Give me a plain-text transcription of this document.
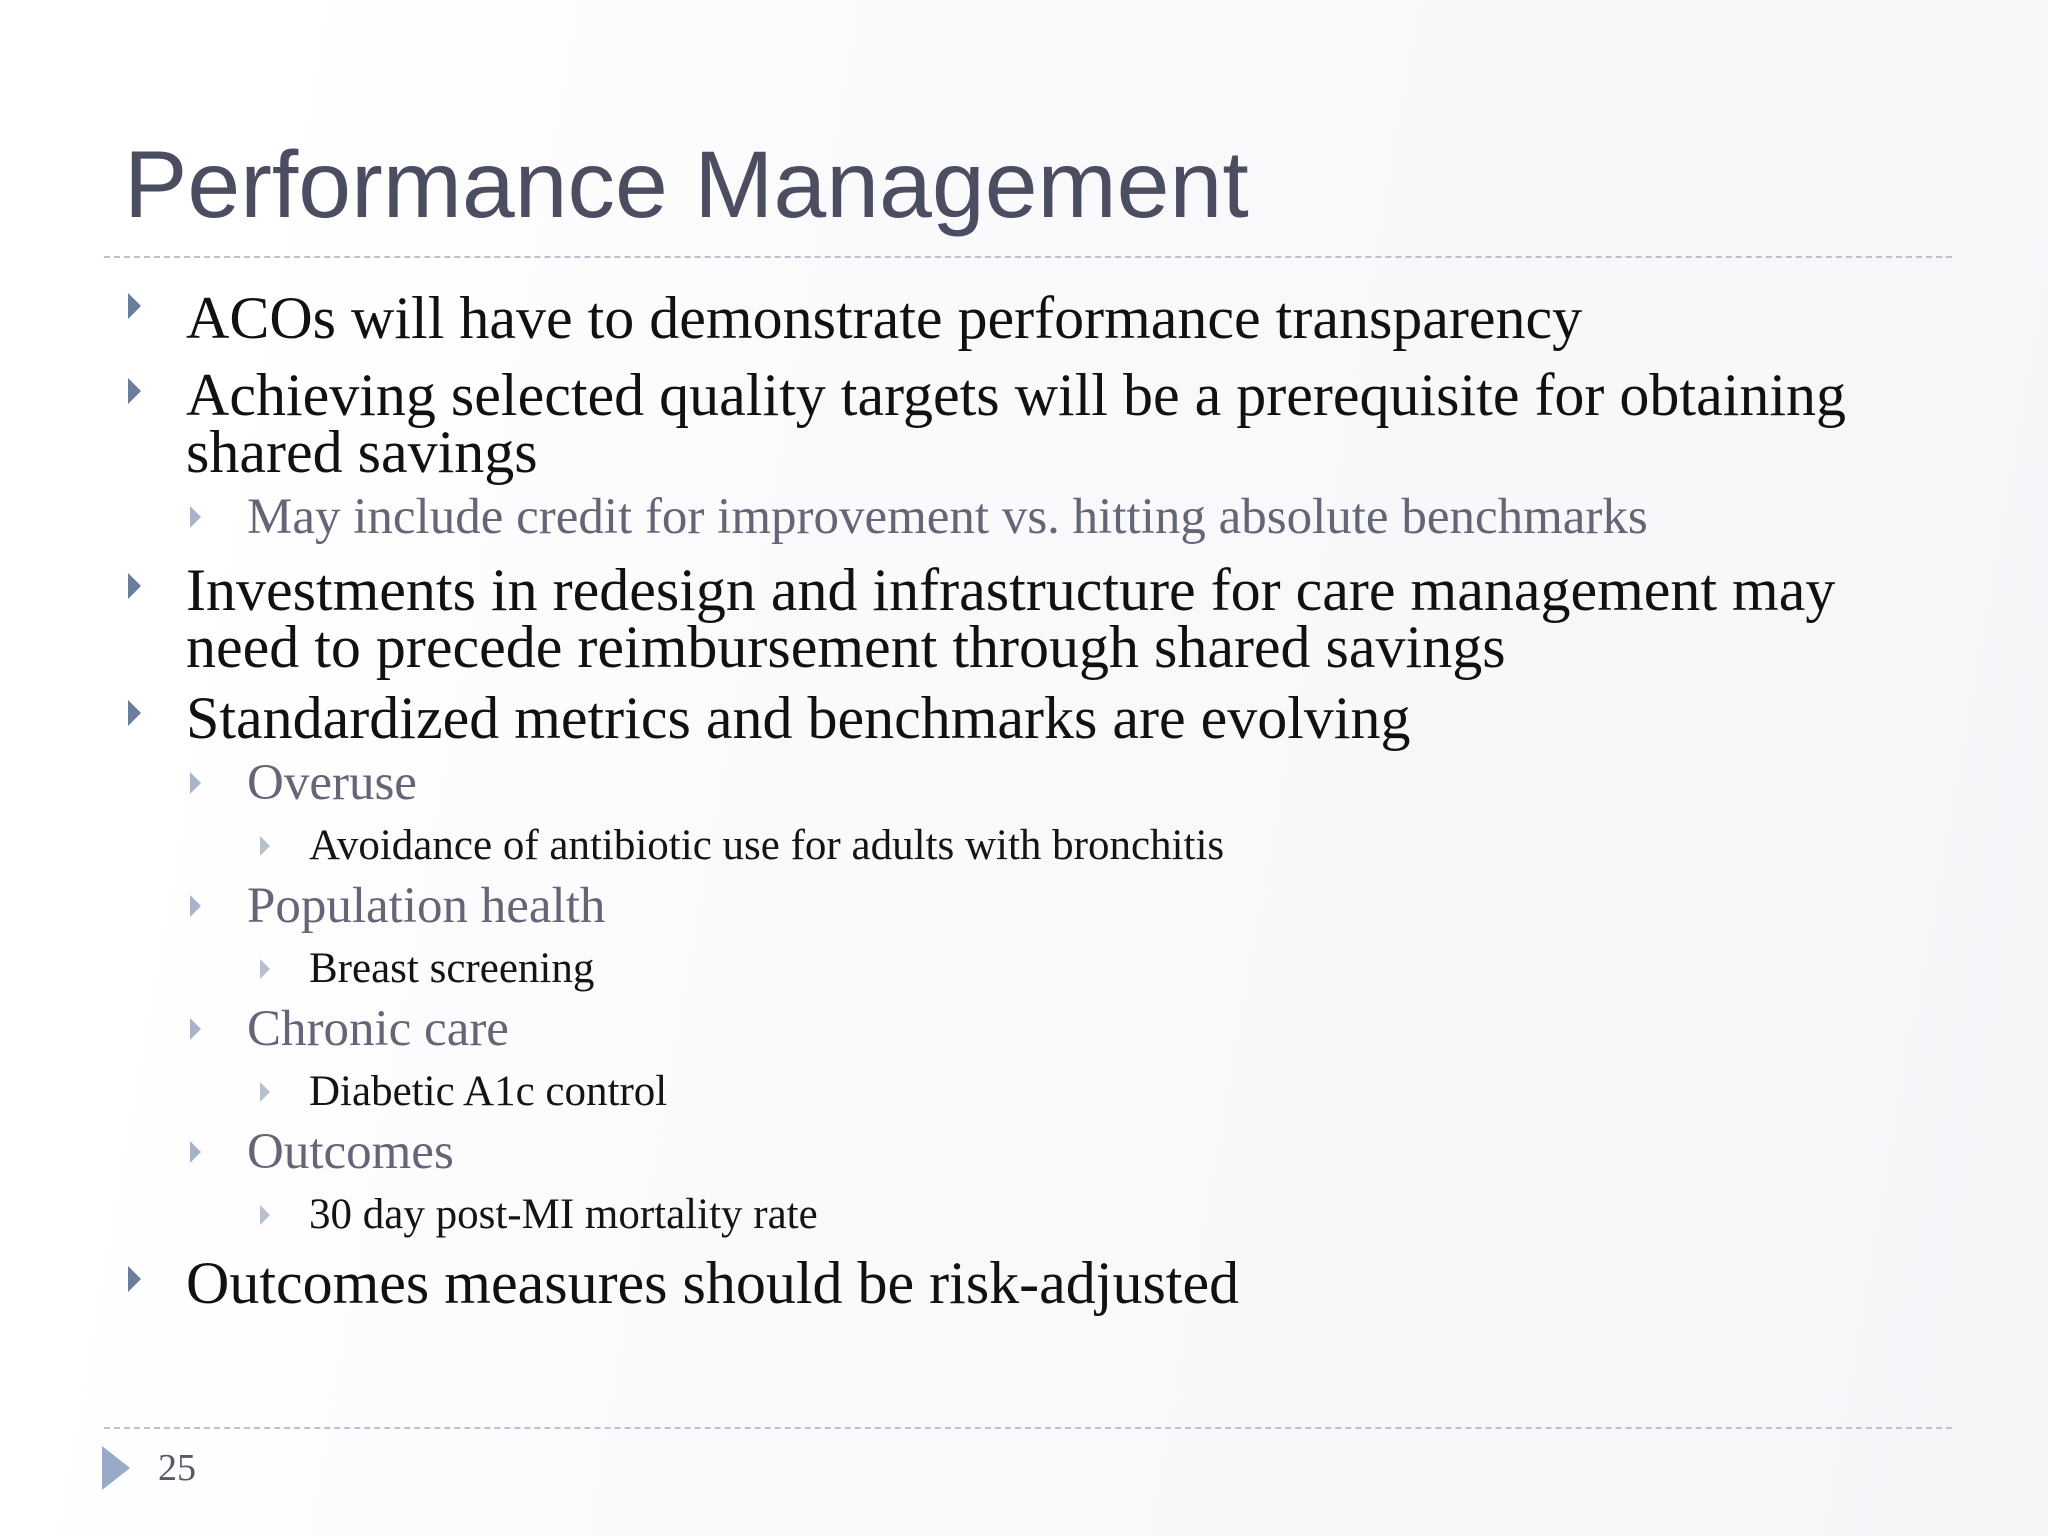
Performance Management

ACOs will have to demonstrate performance transparency

Achieving selected quality targets will be a prerequisite for obtaining

shared savings

May include credit for improvement vs. hitting absolute benchmarks

Investments in redesign and infrastructure for care management may

need to precede reimbursement through shared savings

Standardized metrics and benchmarks are evolving

Overuse

Avoidance of antibiotic use for adults with bronchitis

Population health

Breast screening

Chronic care

Diabetic A1c control

Outcomes

30 day post-MI mortality rate

Outcomes measures should be risk-adjusted

25
